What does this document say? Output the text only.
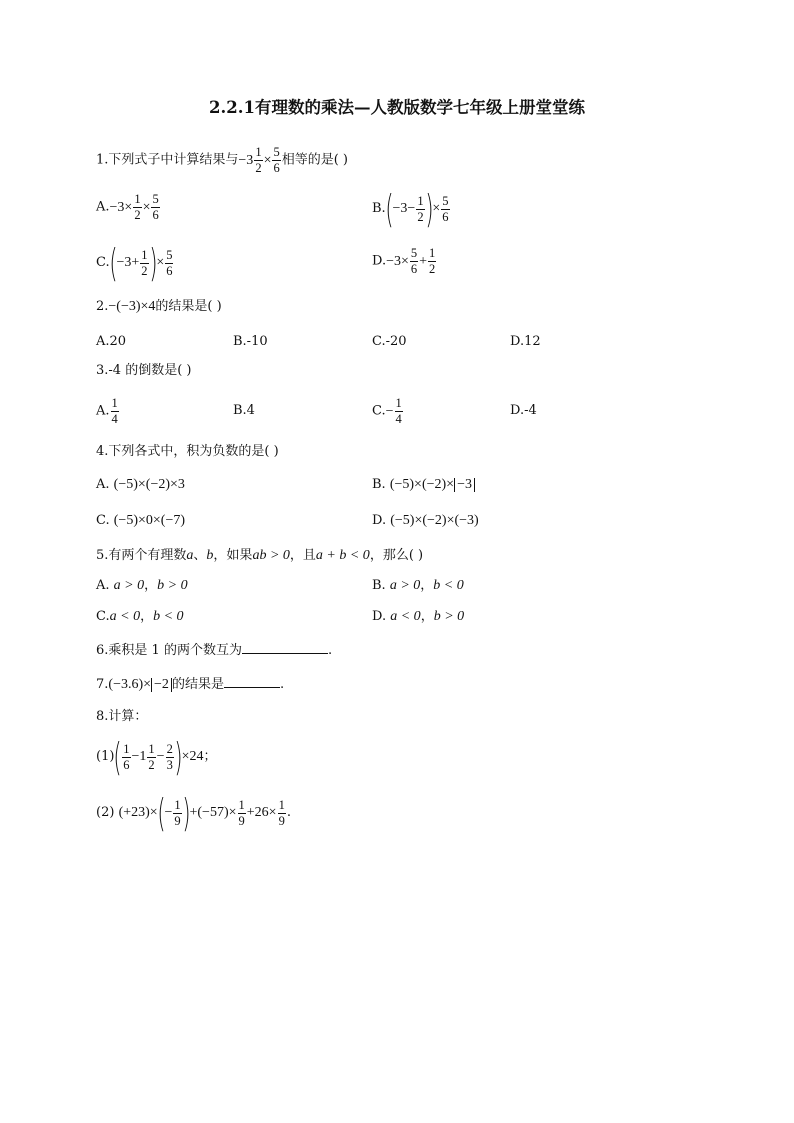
2.2.1有理数的乘法—人教版数学七年级上册堂堂练
1.下列式子中计算结果与$-3 \frac{1}{2} \times \frac{5}{6}$ 相等的是( )
$A.-3\times \frac{1}{2} \times \frac{5}{6}$	$B.(-3- \frac{1}{2}$ )× $\frac{5}{6}$
$C.(-3+ \frac{1}{2}$ )× $\frac{5}{6}$	$D.-3\times \frac{5}{6} + \frac{1}{2}$
2.−(−3)×4的结果是( )
A.20	B.-10	C.-20	D.12
3.-4 的倒数是( )
A. $\frac{1}{4}$	B.4	$C.- \frac{1}{4}$	D.-4
4.下列各式中，积为负数的是( )
A. (−5)×(−2)×3	B. (−5)×(−2)× −3
C. (−5)×0×(−7)	D. (−5)×(−2)×(−3)
5.有两个有理数a、b，如果ab > 0，且a + b < 0，那么( )
A. a > 0，b > 0	B. a > 0，b < 0
C.a < 0，b < 0	D. a < 0，b > 0
6.乘积是 1 的两个数互为	.
7.(−3.6)× −2 的结果是	.
8.计算：
$(1)( \frac{1}{6} -1 \frac{1}{2} - \frac{2}{3} )\times 24$；
(2) $(+23)\times(- \frac{1}{9} )+(-57)\times \frac{1}{9} +26\times \frac{1}{9}$ .
